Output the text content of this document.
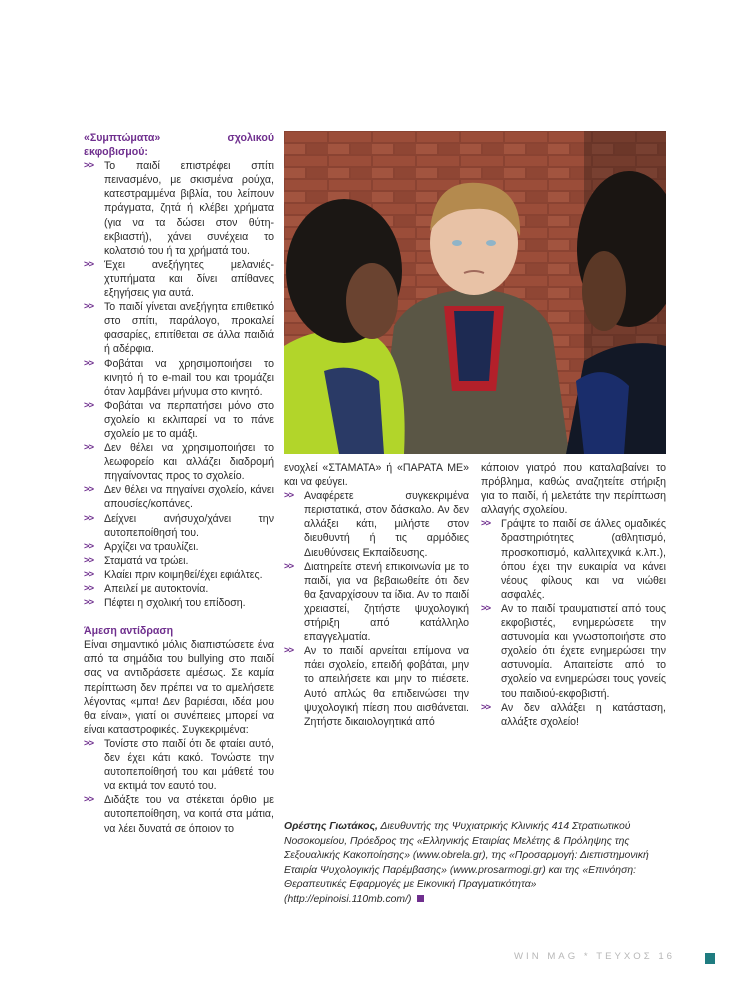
«Συμπτώματα» σχολικού εκφοβισμού:

>> Το παιδί επιστρέφει σπίτι πεινασμένο, με σκισμένα ρούχα, κατεστραμμένα βιβλία, του λείπουν πράγματα, ζητά ή κλέβει χρήματα (για να τα δώσει στον θύτη-εκβιαστή), χάνει συνέχεια το κολατσιό του ή τα χρήματά του.

>> Έχει ανεξήγητες μελανιές-χτυπήματα και δίνει απίθανες εξηγήσεις για αυτά.

>> Το παιδί γίνεται ανεξήγητα επιθετικό στο σπίτι, παράλογο, προκαλεί φασαρίες, επιτίθεται σε άλλα παιδιά ή αδέρφια.

>> Φοβάται να χρησιμοποιήσει το κινητό ή το e-mail του και τρομάζει όταν λαμβάνει μήνυμα στο κινητό.

>> Φοβάται να περπατήσει μόνο στο σχολείο κι εκλιπαρεί να το πάνε σχολείο με το αμάξι.

>> Δεν θέλει να χρησιμοποιήσει το λεωφορείο και αλλάζει διαδρομή πηγαίνοντας προς το σχολείο.

>> Δεν θέλει να πηγαίνει σχολείο, κάνει απουσίες/κοπάνες.

>> Δείχνει ανήσυχο/χάνει την αυτοπεποίθησή του.

>> Αρχίζει να τραυλίζει.

>> Σταματά να τρώει.

>> Κλαίει πριν κοιμηθεί/έχει εφιάλτες.

>> Απειλεί με αυτοκτονία.

>> Πέφτει η σχολική του επίδοση.

Άμεση αντίδραση

Είναι σημαντικό μόλις διαπιστώσετε ένα από τα σημάδια του bullying στο παιδί σας να αντιδράσετε αμέσως. Σε καμία περίπτωση δεν πρέπει να το αμελήσετε λέγοντας «μπα! Δεν βαριέσαι, ιδέα μου θα είναι», γιατί οι συνέπειες μπορεί να είναι καταστροφικές. Συγκεκριμένα:

>> Τονίστε στο παιδί ότι δε φταίει αυτό, δεν έχει κάτι κακό. Τονώστε την αυτοπεποίθησή του και μάθετέ του να εκτιμά τον εαυτό του.

>> Διδάξτε του να στέκεται όρθιο με αυτοπεποίθηση, να κοιτά στα μάτια, να λέει δυνατά σε όποιον το

ενοχλεί «ΣΤΑΜΑΤΑ» ή «ΠΑΡΑΤΑ ΜΕ» και να φεύγει.

>> Αναφέρετε συγκεκριμένα περιστατικά, στον δάσκαλο. Αν δεν αλλάξει κάτι, μιλήστε στον διευθυντή ή τις αρμόδιες Διευθύνσεις Εκπαίδευσης.

>> Διατηρείτε στενή επικοινωνία με το παιδί, για να βεβαιωθείτε ότι δεν θα ξαναρχίσουν τα ίδια. Αν το παιδί χρειαστεί, ζητήστε ψυχολογική στήριξη από κατάλληλο επαγγελματία.

>> Αν το παιδί αρνείται επίμονα να πάει σχολείο, επειδή φοβάται, μην το απειλήσετε και μην το πιέσετε. Αυτό απλώς θα επιδεινώσει την ψυχολογική πίεση που αισθάνεται. Ζητήστε δικαιολογητικά από

κάποιον γιατρό που καταλαβαίνει το πρόβλημα, καθώς αναζητείτε στήριξη για το παιδί, ή μελετάτε την περίπτωση αλλαγής σχολείου.

>> Γράψτε το παιδί σε άλλες ομαδικές δραστηριότητες (αθλητισμό, προσκοπισμό, καλλιτεχνικά κ.λπ.), όπου έχει την ευκαιρία να κάνει νέους φίλους και να νιώθει ασφαλές.

>> Αν το παιδί τραυματιστεί από τους εκφοβιστές, ενημερώσετε την αστυνομία και γνωστοποιήστε στο σχολείο ότι έχετε ενημερώσει την αστυνομία. Απαιτείστε από το σχολείο να ενημερώσει τους γονείς του παιδιού-εκφοβιστή.

>> Αν δεν αλλάξει η κατάσταση, αλλάξτε σχολείο!

Ορέστης Γιωτάκος, Διευθυντής της Ψυχιατρικής Κλινικής 414 Στρατιωτικού Νοσοκομείου, Πρόεδρος της «Ελληνικής Εταιρίας Μελέτης & Πρόληψης της Σεξουαλικής Κακοποίησης» (www.obrela.gr), της «Προσαρμογή: Διεπιστημονική Εταιρία Ψυχολογικής Παρέμβασης» (www.prosarmogi.gr) και της «Επινόηση: Θεραπευτικές Εφαρμογές με Εικονική Πραγματικότητα» (http://epinoisi.110mb.com/)
WIN MAG * ΤΕΥΧΟΣ 16
